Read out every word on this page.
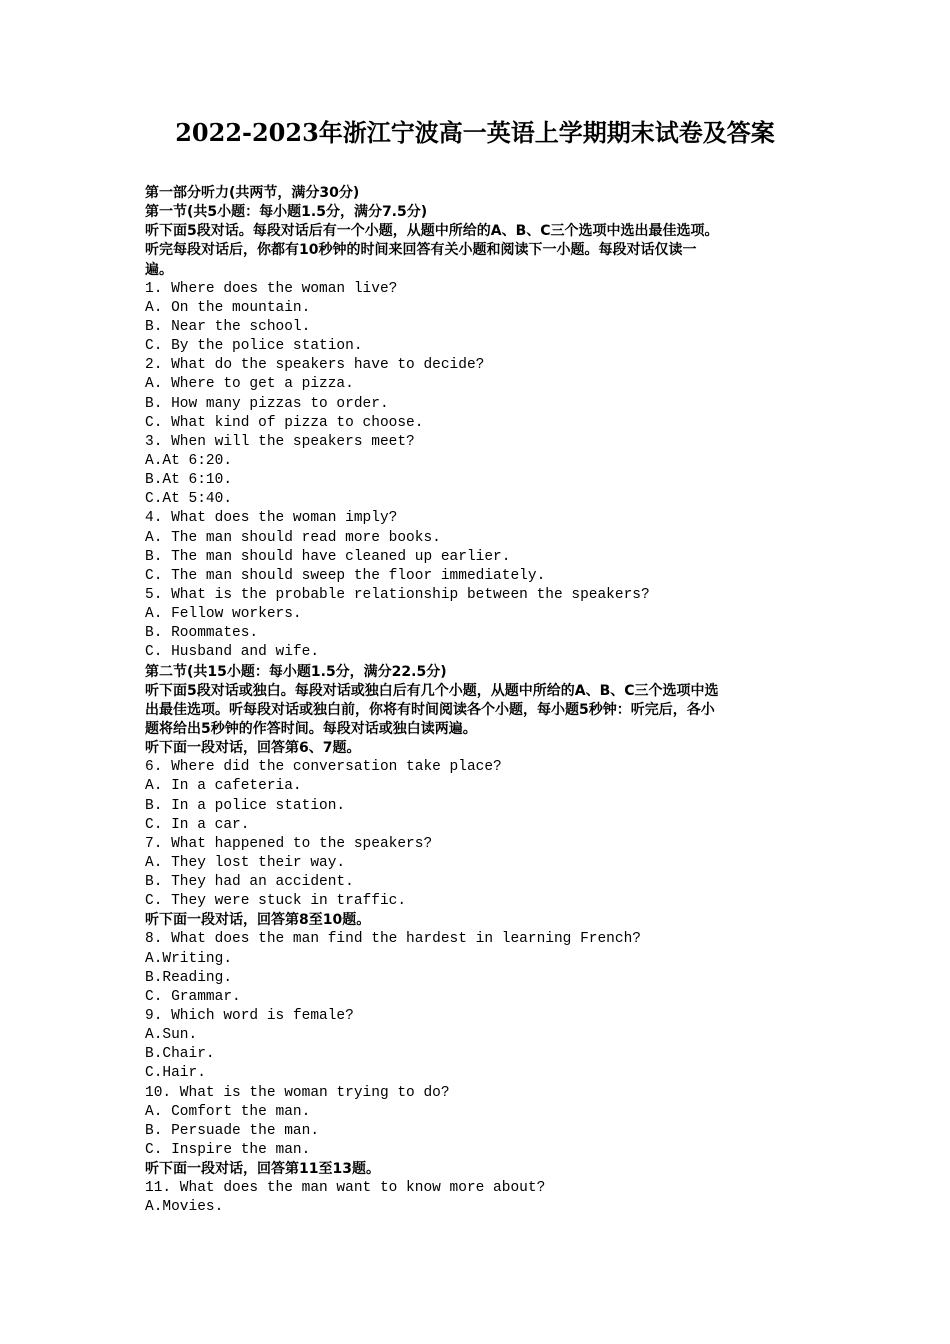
2022-2023年浙江宁波高一英语上学期期末试卷及答案
第一部分听力(共两节，满分30分)
第一节(共5小题：每小题1.5分，满分7.5分)
听下面5段对话。每段对话后有一个小题，从题中所给的A、B、C三个选项中选出最佳选项。
听完每段对话后，你都有10秒钟的时间来回答有关小题和阅读下一小题。每段对话仅读一
遍。
1. Where does the woman live?
A. On the mountain.
B. Near the school.
C. By the police station.
2. What do the speakers have to decide?
A. Where to get a pizza.
B. How many pizzas to order.
C. What kind of pizza to choose.
3. When will the speakers meet?
A.At 6:20.
B.At 6:10.
C.At 5:40.
4. What does the woman imply?
A. The man should read more books.
B. The man should have cleaned up earlier.
C. The man should sweep the floor immediately.
5. What is the probable relationship between the speakers?
A. Fellow workers.
B. Roommates.
C. Husband and wife.
第二节(共15小题：每小题1.5分，满分22.5分)
听下面5段对话或独白。每段对话或独白后有几个小题，从题中所给的A、B、C三个选项中选
出最佳选项。听每段对话或独白前，你将有时间阅读各个小题，每小题5秒钟：听完后，各小
题将给出5秒钟的作答时间。每段对话或独白读两遍。
听下面一段对话，回答第6、7题。
6. Where did the conversation take place?
A. In a cafeteria.
B. In a police station.
C. In a car.
7. What happened to the speakers?
A. They lost their way.
B. They had an accident.
C. They were stuck in traffic.
听下面一段对话，回答第8至10题。
8. What does the man find the hardest in learning French?
A.Writing.
B.Reading.
C. Grammar.
9. Which word is female?
A.Sun.
B.Chair.
C.Hair.
10. What is the woman trying to do?
A. Comfort the man.
B. Persuade the man.
C. Inspire the man.
听下面一段对话，回答第11至13题。
11. What does the man want to know more about?
A.Movies.
